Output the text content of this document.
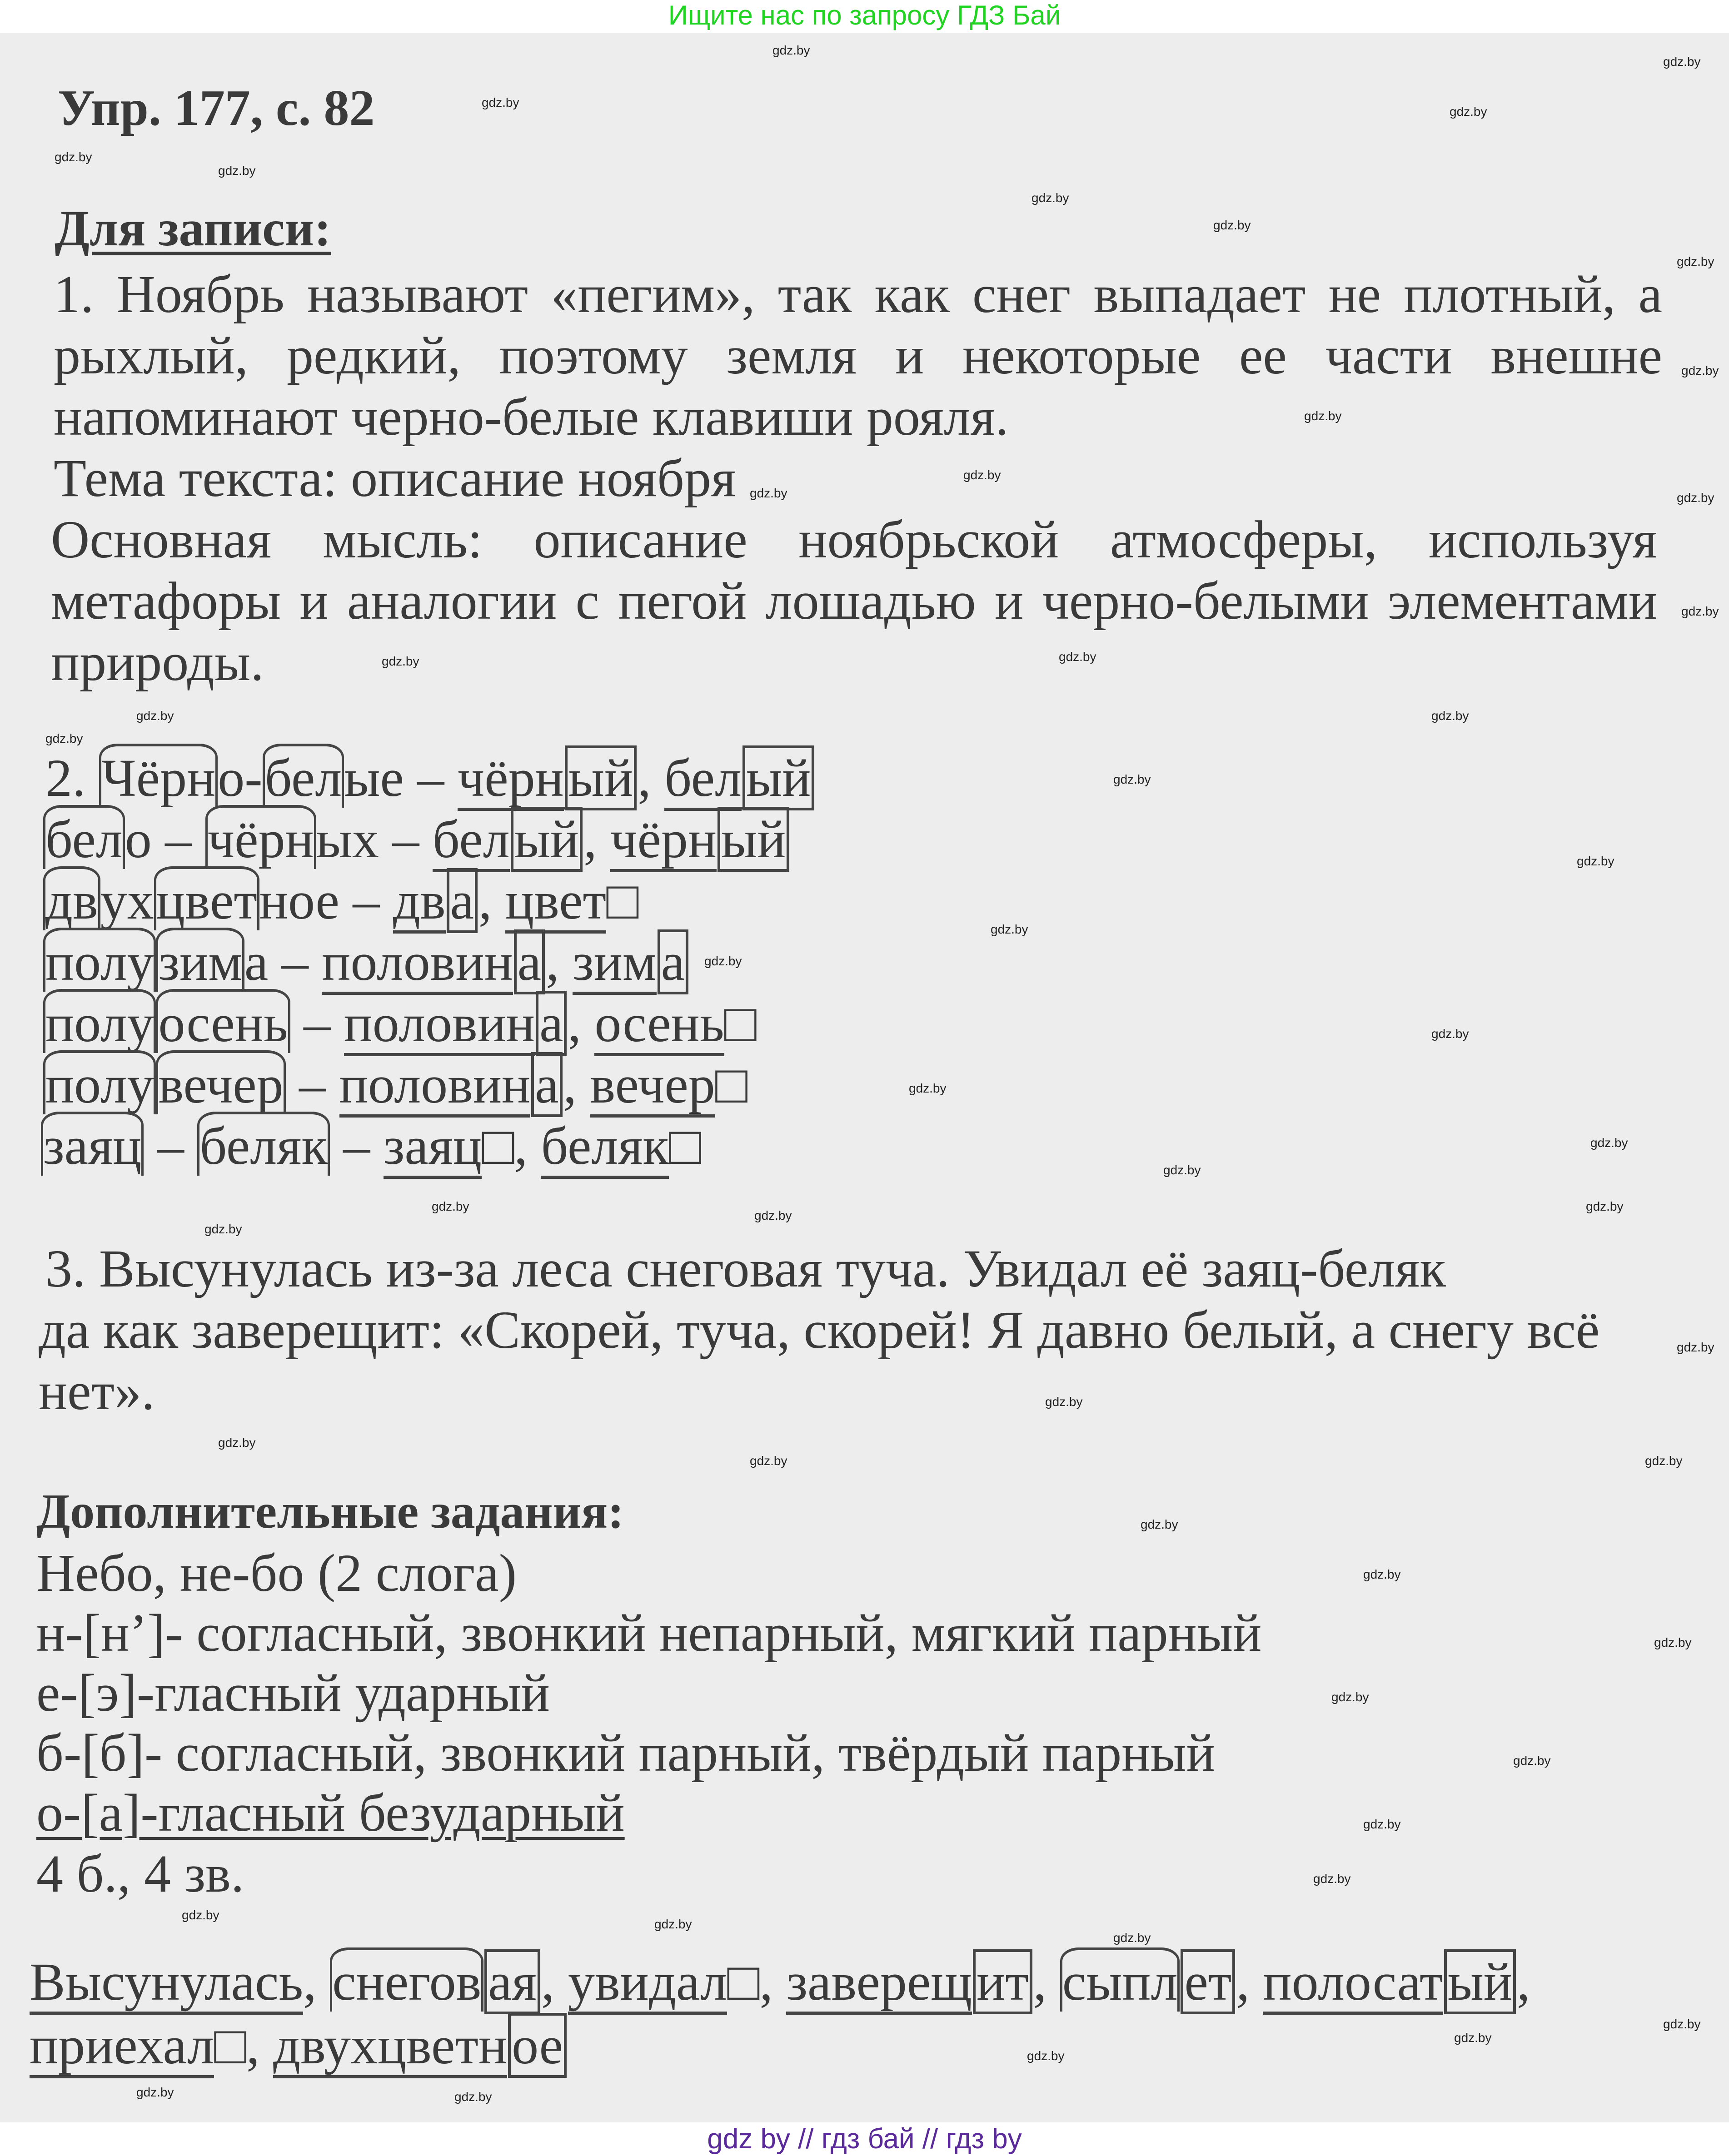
Ищите нас по запросу ГДЗ Бай
Упр. 177, с. 82
Для записи:
1. Ноябрь называют «пегим», так как снег выпадает не плотный, а
рыхлый, редкий, поэтому земля и некоторые ее части внешне
напоминают черно-белые клавиши рояля.
Тема текста: описание ноября
Основная мысль: описание ноябрьской атмосферы, используя
метафоры и аналогии с пегой лошадью и черно-белыми элементами
природы.
2. Чёрно-белые – чёрный, белый
бело – чёрных – белый, чёрный
двухцветное – два, цвет□
полузима – половина, зима
полуосень – половина, осень□
полувечер – половина, вечер□
заяц – беляк – заяц□, беляк□
3. Высунулась из-за леса снеговая туча. Увидал её заяц-беляк
да как заверещит: «Скорей, туча, скорей! Я давно белый, а снегу всё
нет».
Дополнительные задания:
Небо, не-бо (2 слога)
н-[н’]- согласный, звонкий непарный, мягкий парный
е-[э]-гласный ударный
б-[б]- согласный, звонкий парный, твёрдый парный
о-[а]-гласный безударный
4 б., 4 зв.
Высунулась, снегов ая, увидал□, заверещит, сыпл ет, полосатый,
приехал□, двухцветное
gdz.by
gdz.by
gdz.by
gdz.by
gdz.by
gdz.by
gdz.by
gdz.by
gdz.by
gdz.by
gdz.by
gdz.by
gdz.by
gdz.by
gdz.by
gdz.by
gdz.by
gdz.by	gdz.by
gdz.by
gdz.by
gdz.by
gdz.by
gdz.by
gdz.by
gdz.by
gdz.by
gdz.by
gdz.by
gdz.by
gdz.by
gdz.by
gdz.by
gdz.by
gdz.by
gdz.by	gdz.by
gdz.by
gdz.by
gdz.by
gdz.by
gdz.by
gdz.by
gdz.by
gdz.by
gdz.by
gdz.by
gdz.by
gdz.by
gdz.by
gdz.by	gdz.by
gdz by // гдз бай // гдз by
